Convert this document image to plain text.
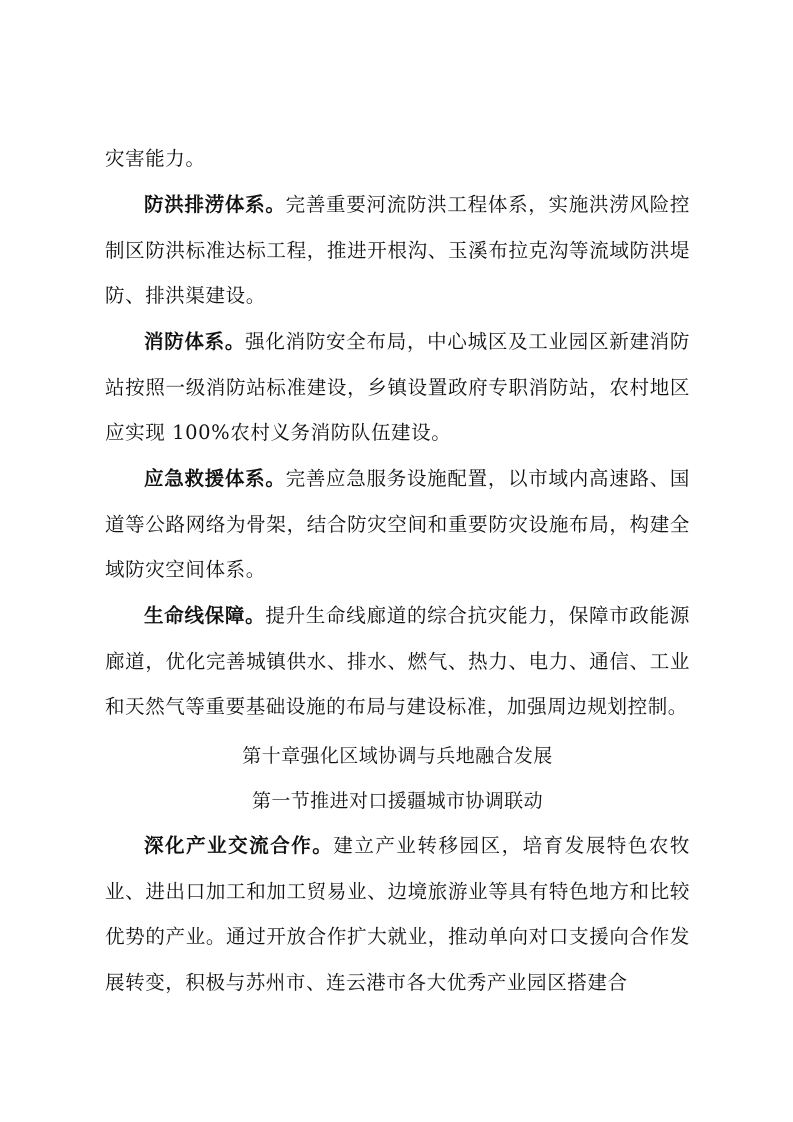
灾害能力。

防洪排涝体系。完善重要河流防洪工程体系，实施洪涝风险控制区防洪标准达标工程，推进开根沟、玉溪布拉克沟等流域防洪堤防、排洪渠建设。

消防体系。强化消防安全布局，中心城区及工业园区新建消防站按照一级消防站标准建设，乡镇设置政府专职消防站，农村地区应实现 100%农村义务消防队伍建设。

应急救援体系。完善应急服务设施配置，以市域内高速路、国道等公路网络为骨架，结合防灾空间和重要防灾设施布局，构建全域防灾空间体系。

生命线保障。提升生命线廊道的综合抗灾能力，保障市政能源廊道，优化完善城镇供水、排水、燃气、热力、电力、通信、工业和天然气等重要基础设施的布局与建设标准，加强周边规划控制。

第十章强化区域协调与兵地融合发展
第一节推进对口援疆城市协调联动

深化产业交流合作。建立产业转移园区，培育发展特色农牧业、进出口加工和加工贸易业、边境旅游业等具有特色地方和比较优势的产业。通过开放合作扩大就业，推动单向对口支援向合作发展转变，积极与苏州市、连云港市各大优秀产业园区搭建合
